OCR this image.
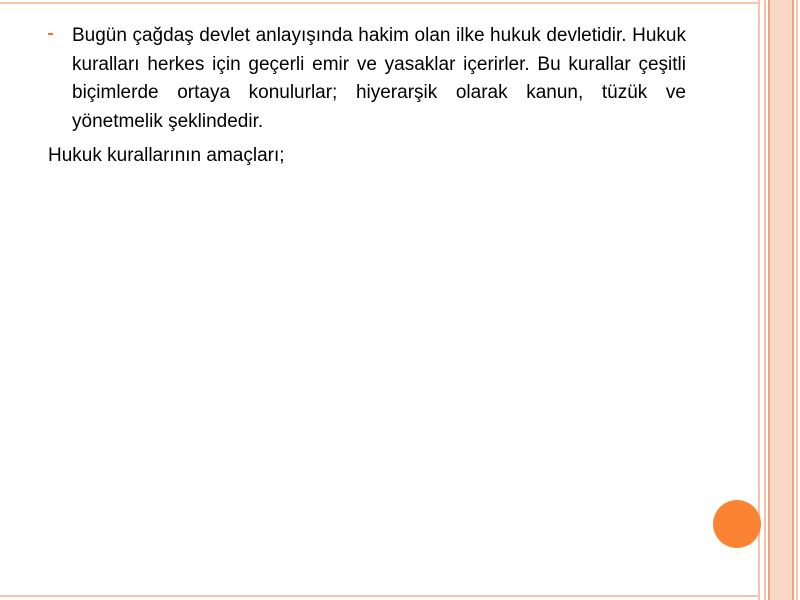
Bugün çağdaş devlet anlayışında hakim olan ilke hukuk devletidir. Hukuk kuralları herkes için geçerli emir ve yasaklar içerirler. Bu kurallar çeşitli biçimlerde ortaya konulurlar; hiyerarşik olarak kanun, tüzük ve yönetmelik şeklindedir.

Hukuk kurallarının amaçları;
